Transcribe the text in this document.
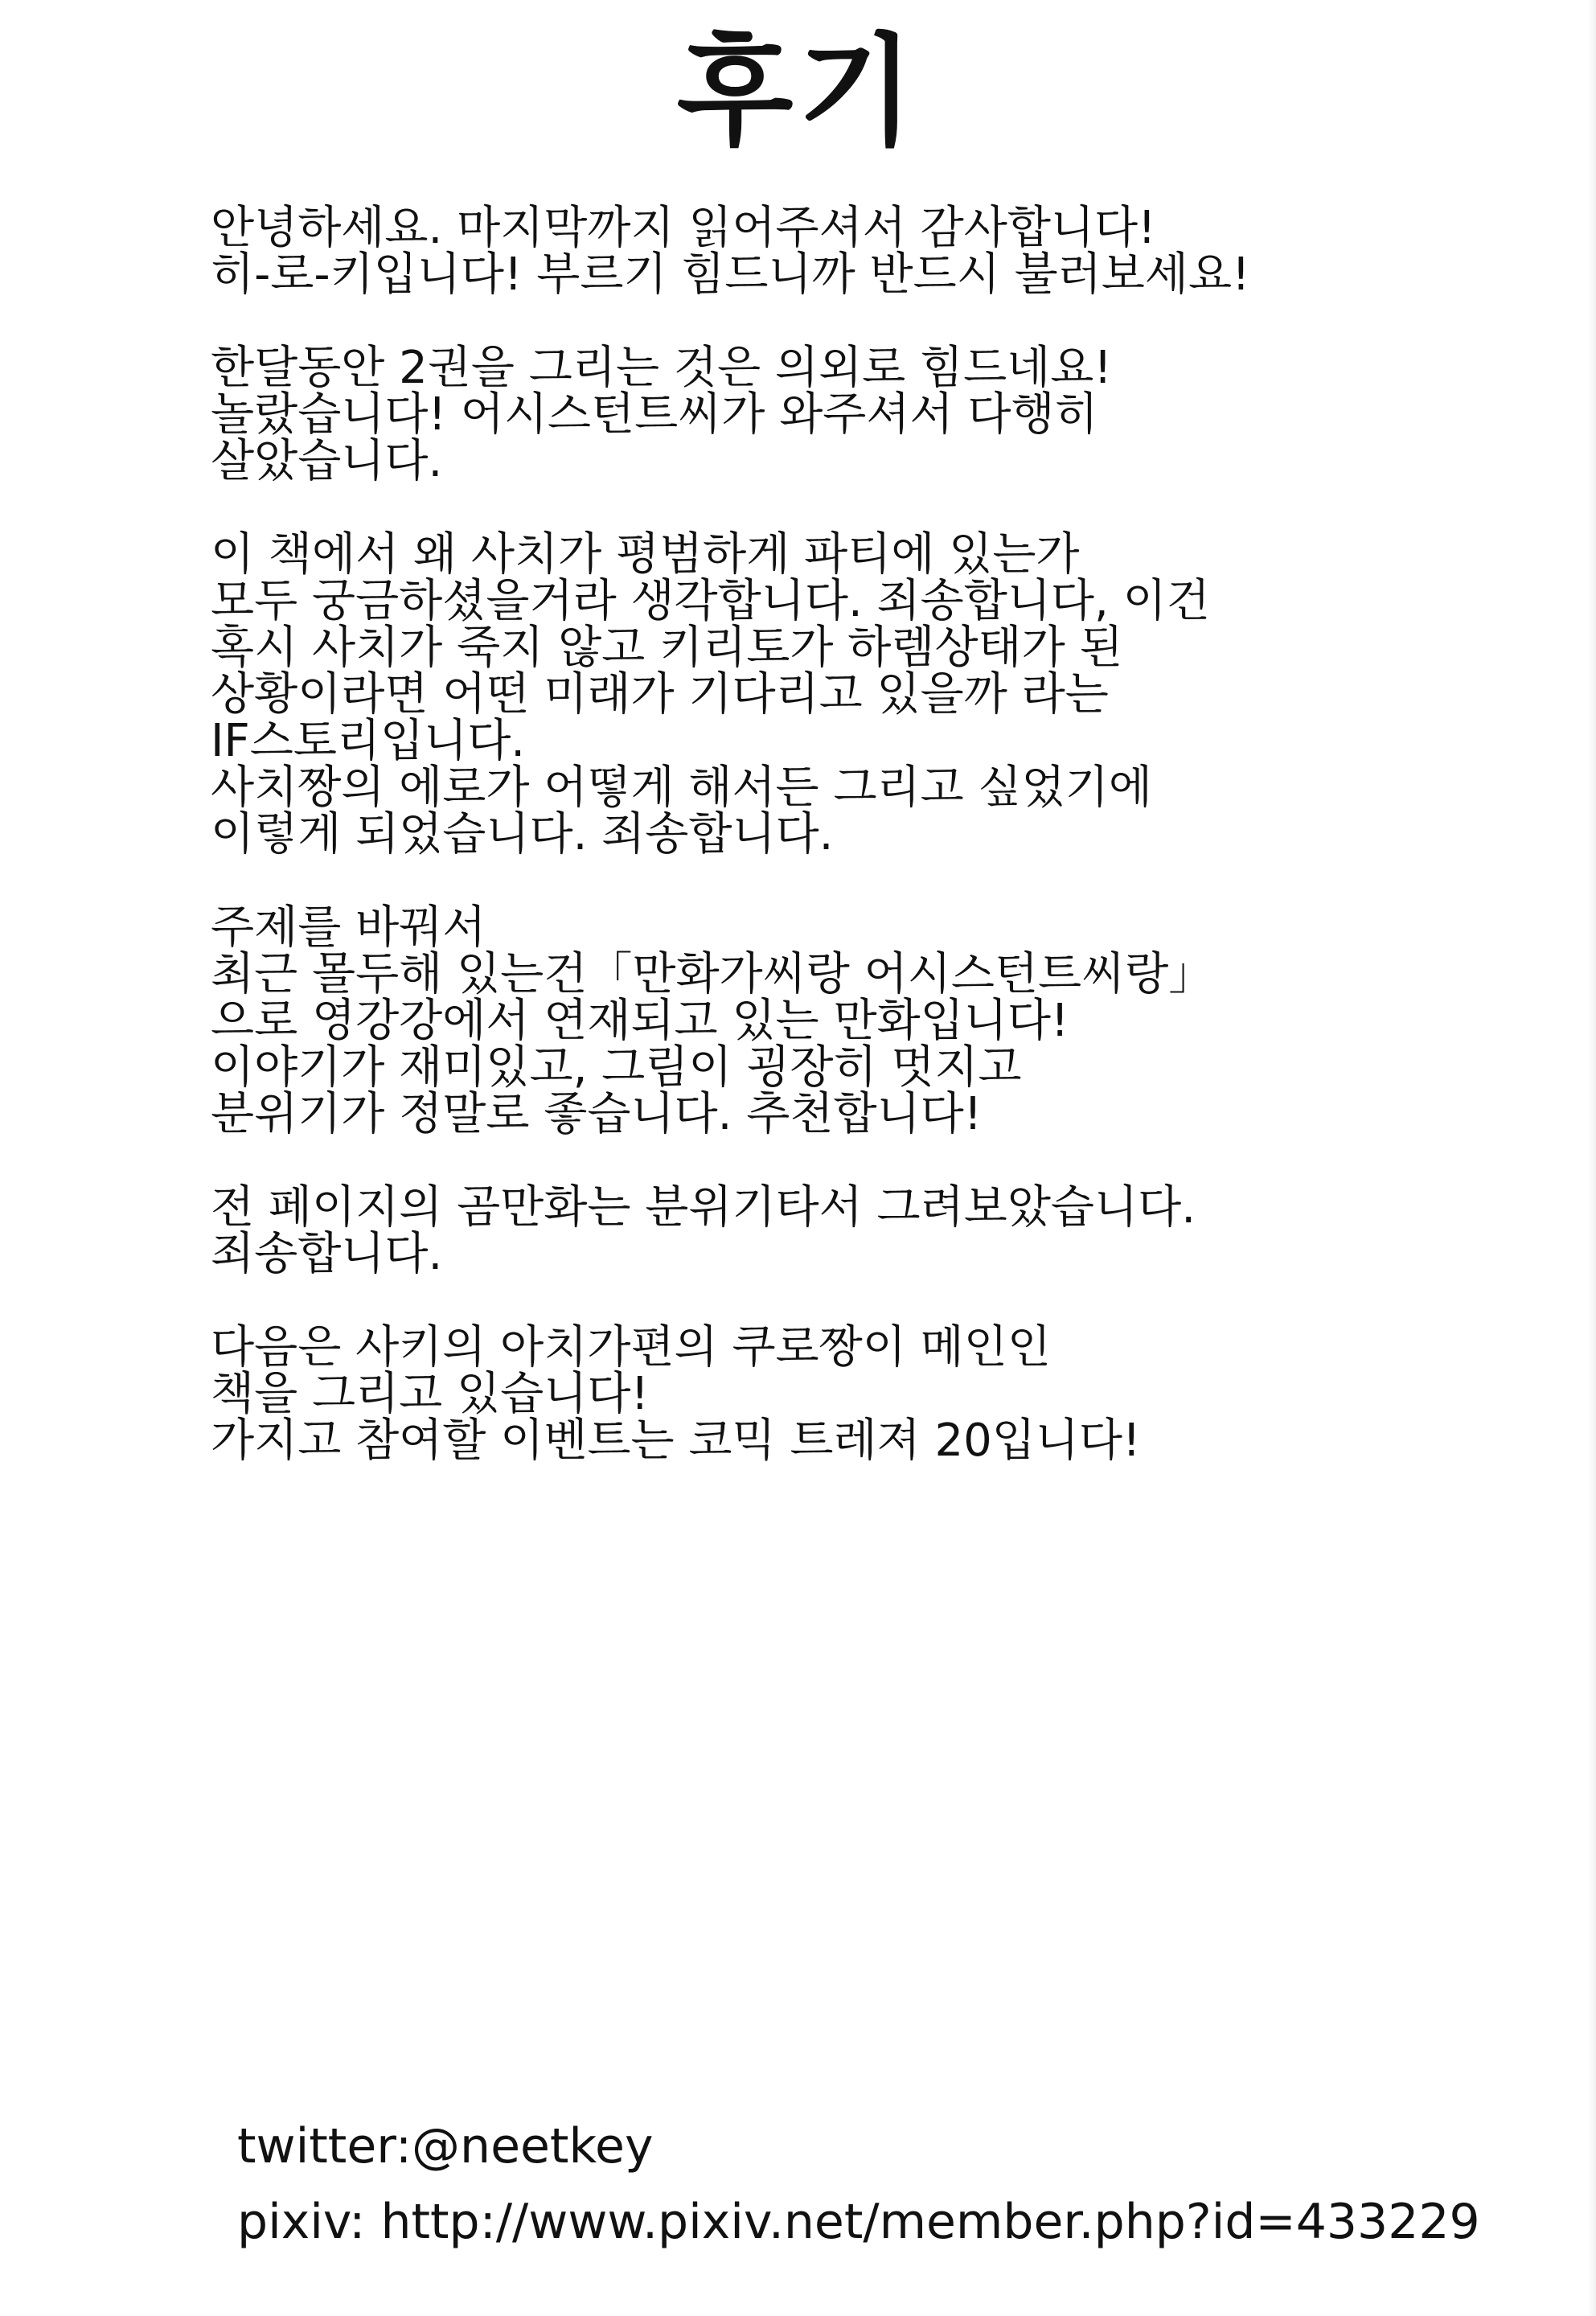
후기
안녕하세요. 마지막까지 읽어주셔서 감사합니다!
히-로-키입니다! 부르기 힘드니까 반드시 불러보세요!
한달동안 2권을 그리는 것은 의외로 힘드네요!
놀랐습니다! 어시스턴트씨가 와주셔서 다행히
살았습니다.
이 책에서 왜 사치가 평범하게 파티에 있는가
모두 궁금하셨을거라 생각합니다. 죄송합니다, 이건
혹시 사치가 죽지 않고 키리토가 하렘상태가 된
상황이라면 어떤 미래가 기다리고 있을까 라는
IF스토리입니다.
사치짱의 에로가 어떻게 해서든 그리고 싶었기에
이렇게 되었습니다. 죄송합니다.
주제를 바꿔서
최근 몰두해 있는건「만화가씨랑 어시스턴트씨랑」
으로 영강강에서 연재되고 있는 만화입니다!
이야기가 재미있고, 그림이 굉장히 멋지고
분위기가 정말로 좋습니다. 추천합니다!
전 페이지의 곰만화는 분위기타서 그려보았습니다.
죄송합니다.
다음은 사키의 아치가편의 쿠로짱이 메인인
책을 그리고 있습니다!
가지고 참여할 이벤트는 코믹 트레져 20입니다!
twitter:@neetkey
pixiv: http://www.pixiv.net/member.php?id=433229
